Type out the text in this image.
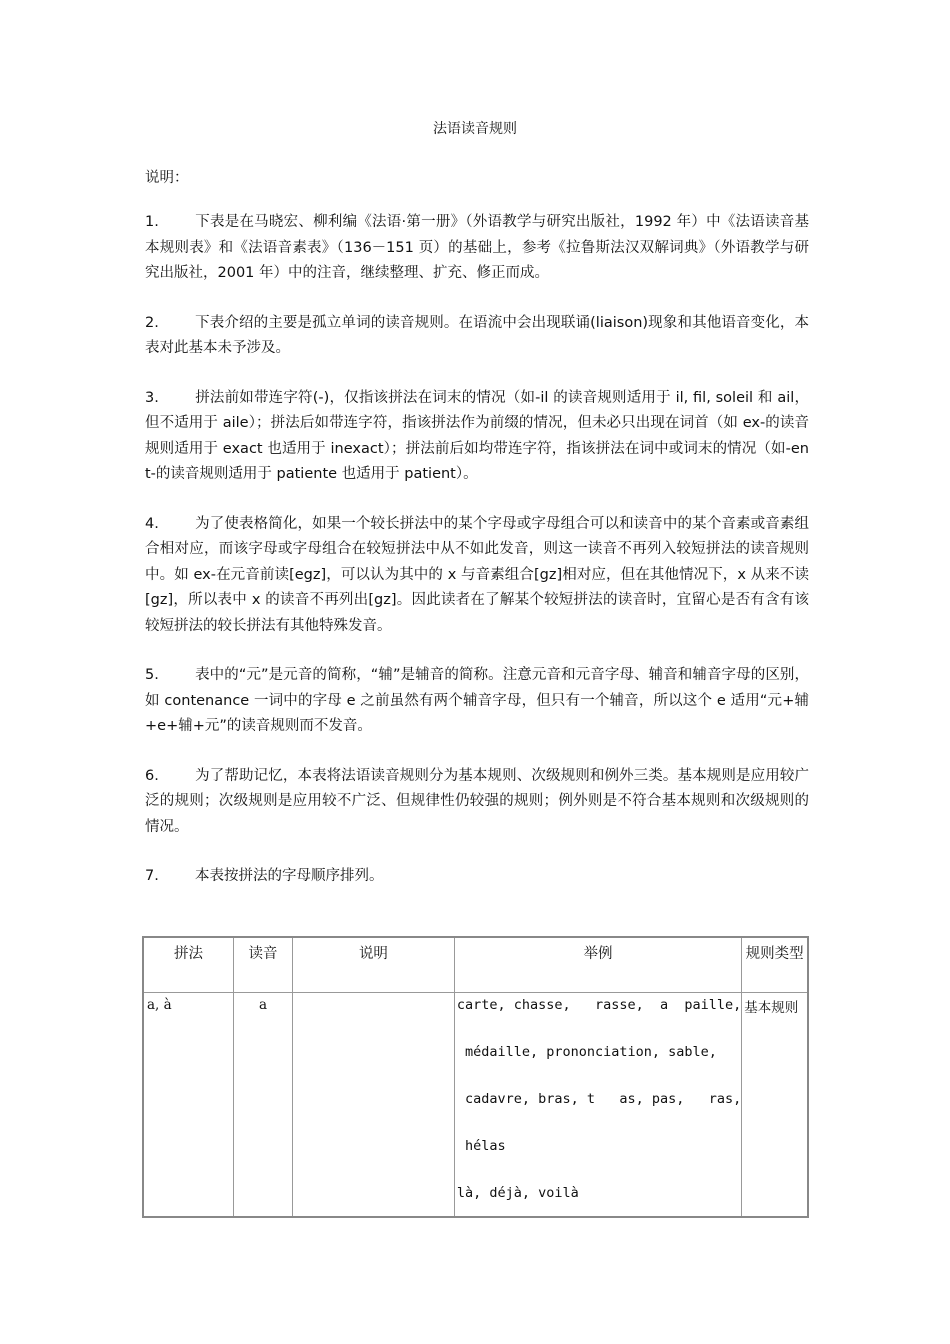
法语读音规则
说明：

1. 下表是在马晓宏、柳利编《法语·第一册》（外语教学与研究出版社，1992 年）中《法语读音基本规则表》和《法语音素表》（136－151 页）的基础上，参考《拉鲁斯法汉双解词典》（外语教学与研究出版社，2001 年）中的注音，继续整理、扩充、修正而成。

2. 下表介绍的主要是孤立单词的读音规则。在语流中会出现联诵(liaison)现象和其他语音变化，本表对此基本未予涉及。

3. 拼法前如带连字符(-)，仅指该拼法在词末的情况（如-il 的读音规则适用于 il, fil, soleil 和 ail，但不适用于 aile）；拼法后如带连字符，指该拼法作为前缀的情况，但未必只出现在词首（如 ex-的读音规则适用于 exact 也适用于 inexact）；拼法前后如均带连字符，指该拼法在词中或词末的情况（如-ent-的读音规则适用于 patiente 也适用于 patient）。

4. 为了使表格简化，如果一个较长拼法中的某个字母或字母组合可以和读音中的某个音素或音素组合相对应，而该字母或字母组合在较短拼法中从不如此发音，则这一读音不再列入较短拼法的读音规则中。如 ex-在元音前读[egz]，可以认为其中的 x 与音素组合[gz]相对应，但在其他情况下，x 从来不读[gz]，所以表中 x 的读音不再列出[gz]。因此读者在了解某个较短拼法的读音时，宜留心是否有含有该较短拼法的较长拼法有其他特殊发音。

5. 表中的“元”是元音的简称，“辅”是辅音的简称。注意元音和元音字母、辅音和辅音字母的区别，如 contenance 一词中的字母 e 之前虽然有两个辅音字母，但只有一个辅音，所以这个 e 适用“元+辅+e+辅+元”的读音规则而不发音。

6. 为了帮助记忆，本表将法语读音规则分为基本规则、次级规则和例外三类。基本规则是应用较广泛的规则；次级规则是应用较不广泛、但规律性仍较强的规则；例外则是不符合基本规则和次级规则的情况。

7. 本表按拼法的字母顺序排列。

拼法	读音	说明	举例	规则类型
a, à	a		carte, chasse,   rasse,  a  paille,
médaille, prononciation, sable,
cadavre, bras, t   as, pas,   ras,
hélas
là, déjà, voilà	基本规则
